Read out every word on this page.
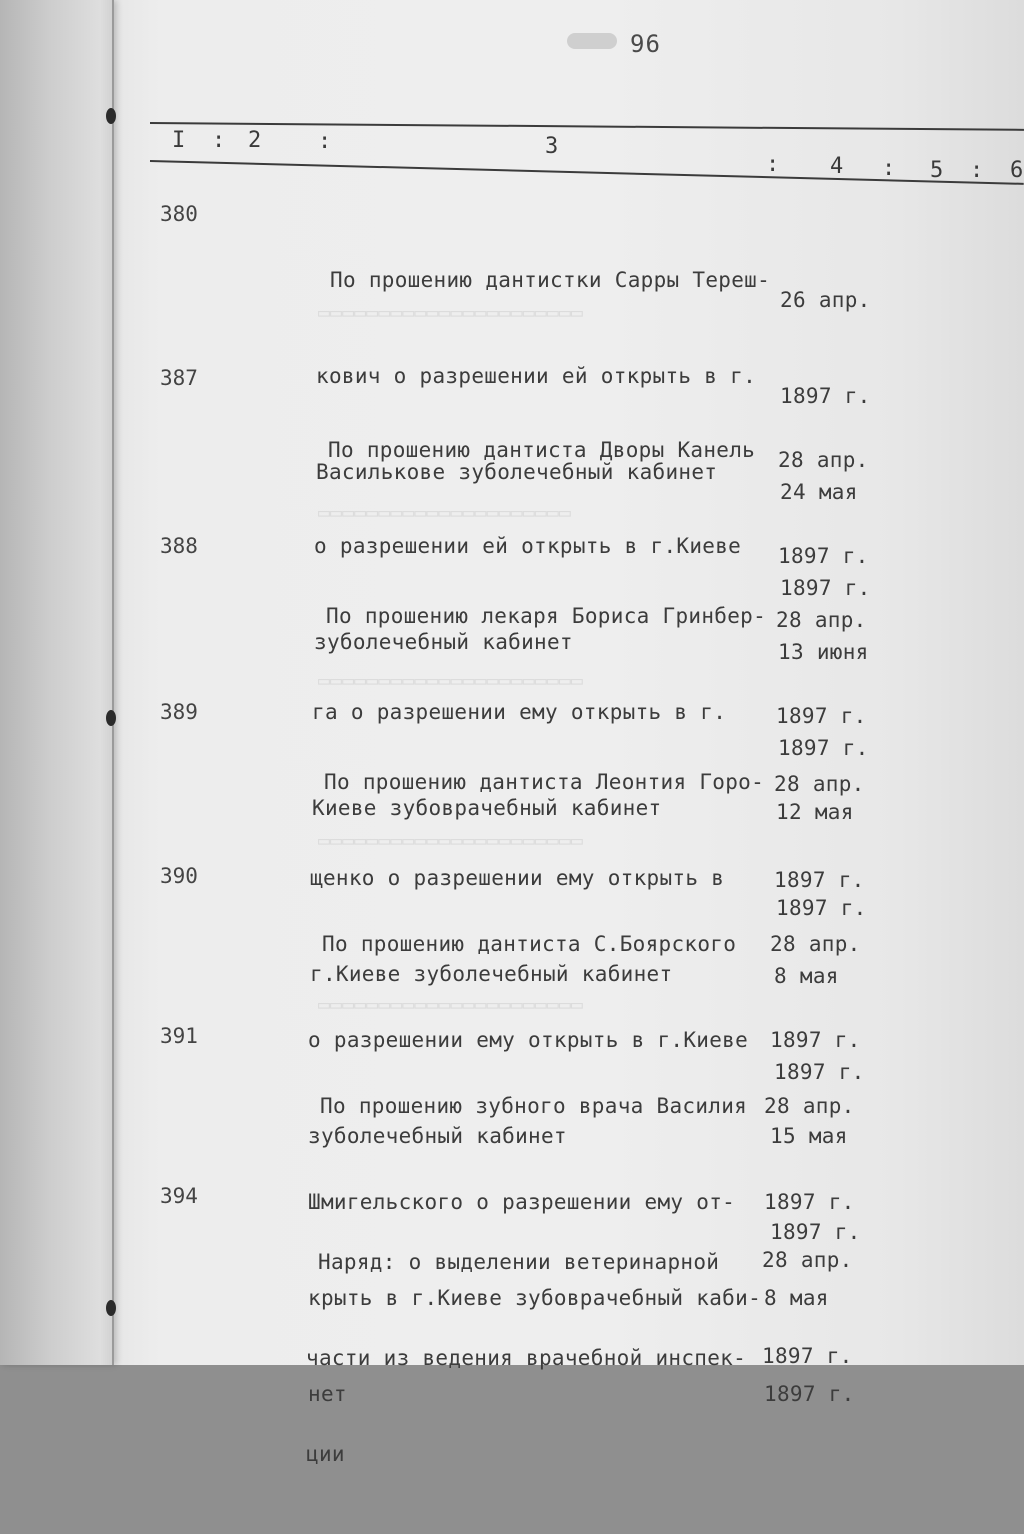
▭▭▭▭▭▭▭▭▭▭▭▭▭▭▭▭▭▭▭▭▭▭
▭▭▭▭▭▭▭▭▭▭▭▭▭▭▭▭▭▭▭▭▭
▭▭▭▭▭▭▭▭▭▭▭▭▭▭▭▭▭▭▭▭▭▭
▭▭▭▭▭▭▭▭▭▭▭▭▭▭▭▭▭▭▭▭▭▭
▭▭▭▭▭▭▭▭▭▭▭▭▭▭▭▭▭▭▭▭▭▭
96
I : 2	:	3
: 4 : 5 : 6
380

По прошению дантистки Сарры Тереш-

кович о разрешении ей открыть в г.

Василькове зуболечебный кабинет

26 апр.

1897 г.

24 мая

1897 г.

387

По прошению дантиста Дворы Канель

о разрешении ей открыть в г.Киеве

зуболечебный кабинет

28 апр.

1897 г.

13 июня

1897 г.

388

По прошению лекаря Бориса Гринбер-

га о разрешении ему открыть в г.

Киеве зубоврачебный кабинет

28 апр.

1897 г.

12 мая

1897 г.

389

По прошению дантиста Леонтия Горо-

щенко о разрешении ему открыть в

г.Киеве зуболечебный кабинет

28 апр.

1897 г.

8 мая

1897 г.

390

По прошению дантиста С.Боярского

о разрешении ему открыть в г.Киеве

зуболечебный кабинет

28 апр.

1897 г.

15 мая

1897 г.

391

По прошению зубного врача Василия

Шмигельского о разрешении ему от-

крыть в г.Киеве зубоврачебный каби-

нет

28 апр.

1897 г.

8 мая

1897 г.

394

Наряд: о выделении ветеринарной

части из ведения врачебной инспек-

ции

28 апр.

1897 г.
